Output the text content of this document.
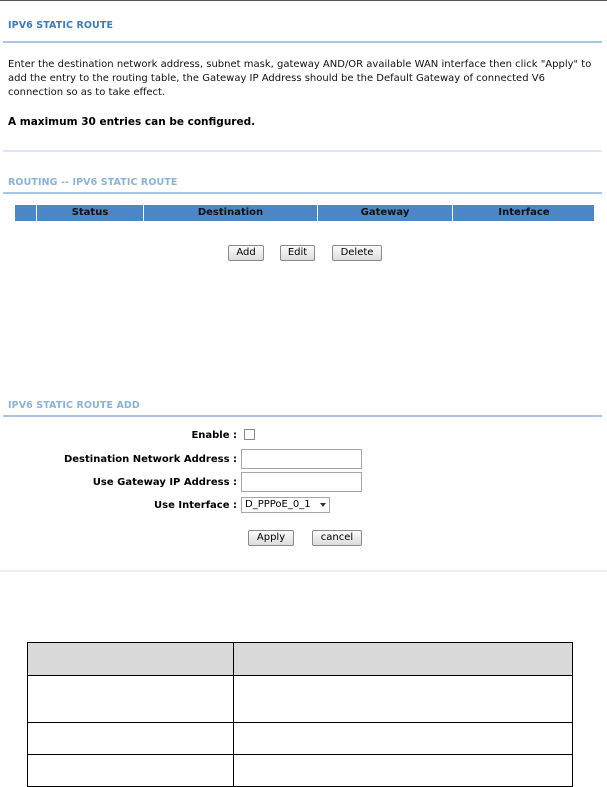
IPV6 STATIC ROUTE
Enter the destination network address, subnet mask, gateway AND/OR available WAN interface then click "Apply" to add the entry to the routing table, the Gateway IP Address should be the Default Gateway of connected V6 connection so as to take effect.
A maximum 30 entries can be configured.
ROUTING -- IPV6 STATIC ROUTE
Status	Destination	Gateway	Interface
Add	Edit	Delete
IPV6 STATIC ROUTE ADD
Enable :
Destination Network Address :
Use Gateway IP Address :
Use Interface : D_PPPoE_0_1
Apply	cancel
